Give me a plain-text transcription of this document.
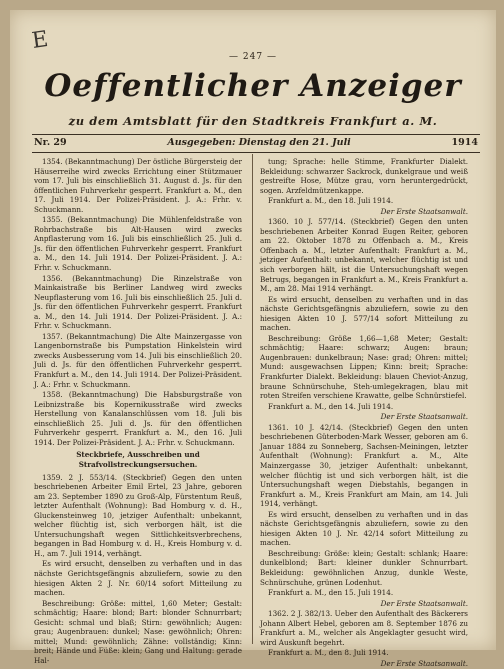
E
— 247 —
Oeffentlicher Anzeiger
zu dem Amtsblatt für den Stadtkreis Frankfurt a. M.
Nr. 29	Ausgegeben: Dienstag den 21. Juli	1914

1354. (Bekanntmachung) Der östliche Bürgersteig der Häuserreihe wird zwecks Errichtung einer Stützmauer vom 17. Juli bis einschließlich 31. August d. Js. für den öffentlichen Fuhrverkehr gesperrt. Frankfurt a. M., den 17. Juli 1914. Der Polizei-Präsident. J. A.: Frhr. v. Schuckmann.

1355. (Bekanntmachung) Die Mühlenfeldstraße von Rohrbachstraße bis Alt-Hausen wird zwecks Anpflasterung vom 16. Juli bis einschließlich 25. Juli d. Js. für den öffentlichen Fuhrverkehr gesperrt. Frankfurt a. M., den 14. Juli 1914. Der Polizei-Präsident. J. A.: Frhr. v. Schuckmann.

1356. (Bekanntmachung) Die Rinzelstraße von Mainkaistraße bis Berliner Landweg wird zwecks Neupflasterung vom 16. Juli bis einschließlich 25. Juli d. Js. für den öffentlichen Fuhrverkehr gesperrt. Frankfurt a. M., den 14. Juli 1914. Der Polizei-Präsident. J. A.: Frhr. v. Schuckmann.

1357. (Bekanntmachung) Die Alte Mainzergasse von Langenbornstraße bis Pumpstation Hinkelstein wird zwecks Ausbesserung vom 14. Juli bis einschließlich 20. Juli d. Js. für den öffentlichen Fuhrverkehr gesperrt. Frankfurt a. M., den 14. Juli 1914. Der Polizei-Präsident. J. A.: Frhr. v. Schuckmann.

1358. (Bekanntmachung) Die Habsburgstraße von Leibnizstraße bis Kopernikusstraße wird zwecks Herstellung von Kanalanschlüssen vom 18. Juli bis einschließlich 25. Juli d. Js. für den öffentlichen Fuhrverkehr gesperrt. Frankfurt a. M., den 16. Juli 1914. Der Polizei-Präsident. J. A.: Frhr. v. Schuckmann.

Steckbriefe, Ausschreiben und Strafvollstreckungsersuchen.

1359. 2 J. 553/14. (Steckbrief) Gegen den unten beschriebenen Arbeiter Emil Ertel, 23 Jahre, geboren am 23. September 1890 zu Groß-Alp, Fürstentum Reuß, letzter Aufenthalt (Wohnung): Bad Homburg v. d. H., Gluckensteinweg 10, jetziger Aufenthalt: unbekannt, welcher flüchtig ist, sich verborgen hält, ist die Untersuchungshaft wegen Sittlichkeitsverbrechens, begangen in Bad Homburg v. d. H., Kreis Homburg v. d. H., am 7. Juli 1914, verhängt.

Es wird ersucht, denselben zu verhaften und in das nächste Gerichtsgefängnis abzuliefern, sowie zu den hiesigen Akten 2 J. Nr. 60/14 sofort Mitteilung zu machen.

Beschreibung: Größe: mittel, 1,60 Meter; Gestalt: schmächtig; Haare: blond; Bart: blonder Schnurrbart; Gesicht: schmal und blaß; Stirn: gewöhnlich; Augen: grau; Augenbrauen: dunkel; Nase: gewöhnlich; Ohren: mittel; Mund: gewöhnlich; Zähne: vollständig; Kinn: breit; Hände und Füße: klein; Gang und Haltung: gerade Hal-

tung; Sprache: helle Stimme, Frankfurter Dialekt. Bekleidung: schwarzer Sackrock, dunkelgraue und weiß gestreifte Hose, Mütze grau, vorn heruntergedrückt, sogen. Arzfeldmützenkappe.

Frankfurt a. M., den 18. Juli 1914.

Der Erste Staatsanwalt.

1360. 10 J. 577/14. (Steckbrief) Gegen den unten beschriebenen Arbeiter Konrad Eugen Reiter, geboren am 22. Oktober 1878 zu Offenbach a. M., Kreis Offenbach a. M., letzter Aufenthalt: Frankfurt a. M., jetziger Aufenthalt: unbekannt, welcher flüchtig ist und sich verborgen hält, ist die Untersuchungshaft wegen Betrugs, begangen in Frankfurt a. M., Kreis Frankfurt a. M., am 28. Mai 1914 verhängt.

Es wird ersucht, denselben zu verhaften und in das nächste Gerichtsgefängnis abzuliefern, sowie zu den hiesigen Akten 10 J. 577/14 sofort Mitteilung zu machen.

Beschreibung: Größe 1,66—1,68 Meter; Gestalt: schmächtig; Haare: schwarz; Augen: braun; Augenbrauen: dunkelbraun; Nase: grad; Ohren: mittel; Mund: ausgewachsen Lippen; Kinn: breit; Sprache: Frankfurter Dialekt. Bekleidung: blauen Cheviot-Anzug, braune Schnürschuhe, Steh-umlegekragen, blau mit roten Streifen verschiene Krawatte, gelbe Schnürstiefel.

Frankfurt a. M., den 14. Juli 1914.

Der Erste Staatsanwalt.

1361. 10 J. 42/14. (Steckbrief) Gegen den unten beschriebenen Güterboden-Mark Wesser, geboren am 6. Januar 1884 zu Sonneberg, Sachsen-Meiningen, letzter Aufenthalt (Wohnung): Frankfurt a. M., Alte Mainzergasse 30, jetziger Aufenthalt: unbekannt, welcher flüchtig ist und sich verborgen hält, ist die Untersuchungshaft wegen Diebstahls, begangen in Frankfurt a. M., Kreis Frankfurt am Main, am 14. Juli 1914, verhängt.

Es wird ersucht, denselben zu verhaften und in das nächste Gerichtsgefängnis abzuliefern, sowie zu den hiesigen Akten 10 J. Nr. 42/14 sofort Mitteilung zu machen.

Beschreibung: Größe: klein; Gestalt: schlank; Haare: dunkelblond; Bart: kleiner dunkler Schnurrbart. Bekleidung: gewöhnlichen Anzug, dunkle Weste, Schnürschuhe, grünen Lodenhut.

Frankfurt a. M., den 15. Juli 1914.

Der Erste Staatsanwalt.

1362. 2 J. 382/13. Ueber den Aufenthalt des Bäckerers Johann Albert Hebel, geboren am 8. September 1876 zu Frankfurt a. M., welcher als Angeklagter gesucht wird, wird Auskunft begehrt.

Frankfurt a. M., den 8. Juli 1914.

Der Erste Staatsanwalt.
